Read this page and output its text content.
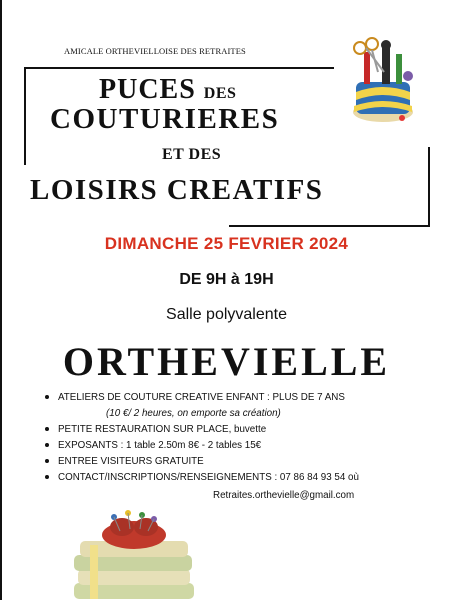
AMICALE ORTHEVIELLOISE DES RETRAITES
PUCES DES
COUTURIERES
ET DES
LOISIRS CREATIFS
DIMANCHE 25 FEVRIER 2024
DE 9H à 19H
Salle polyvalente
ORTHEVIELLE
ATELIERS DE COUTURE CREATIVE ENFANT : PLUS DE 7 ANS
(10 €/ 2 heures, on emporte sa création)
PETITE RESTAURATION SUR PLACE, buvette
EXPOSANTS : 1 table 2.50m 8€ - 2 tables 15€
ENTREE VISITEURS GRATUITE
CONTACT/INSCRIPTIONS/RENSEIGNEMENTS : 07 86 84 93 54 où
Retraites.orthevielle@gmail.com
